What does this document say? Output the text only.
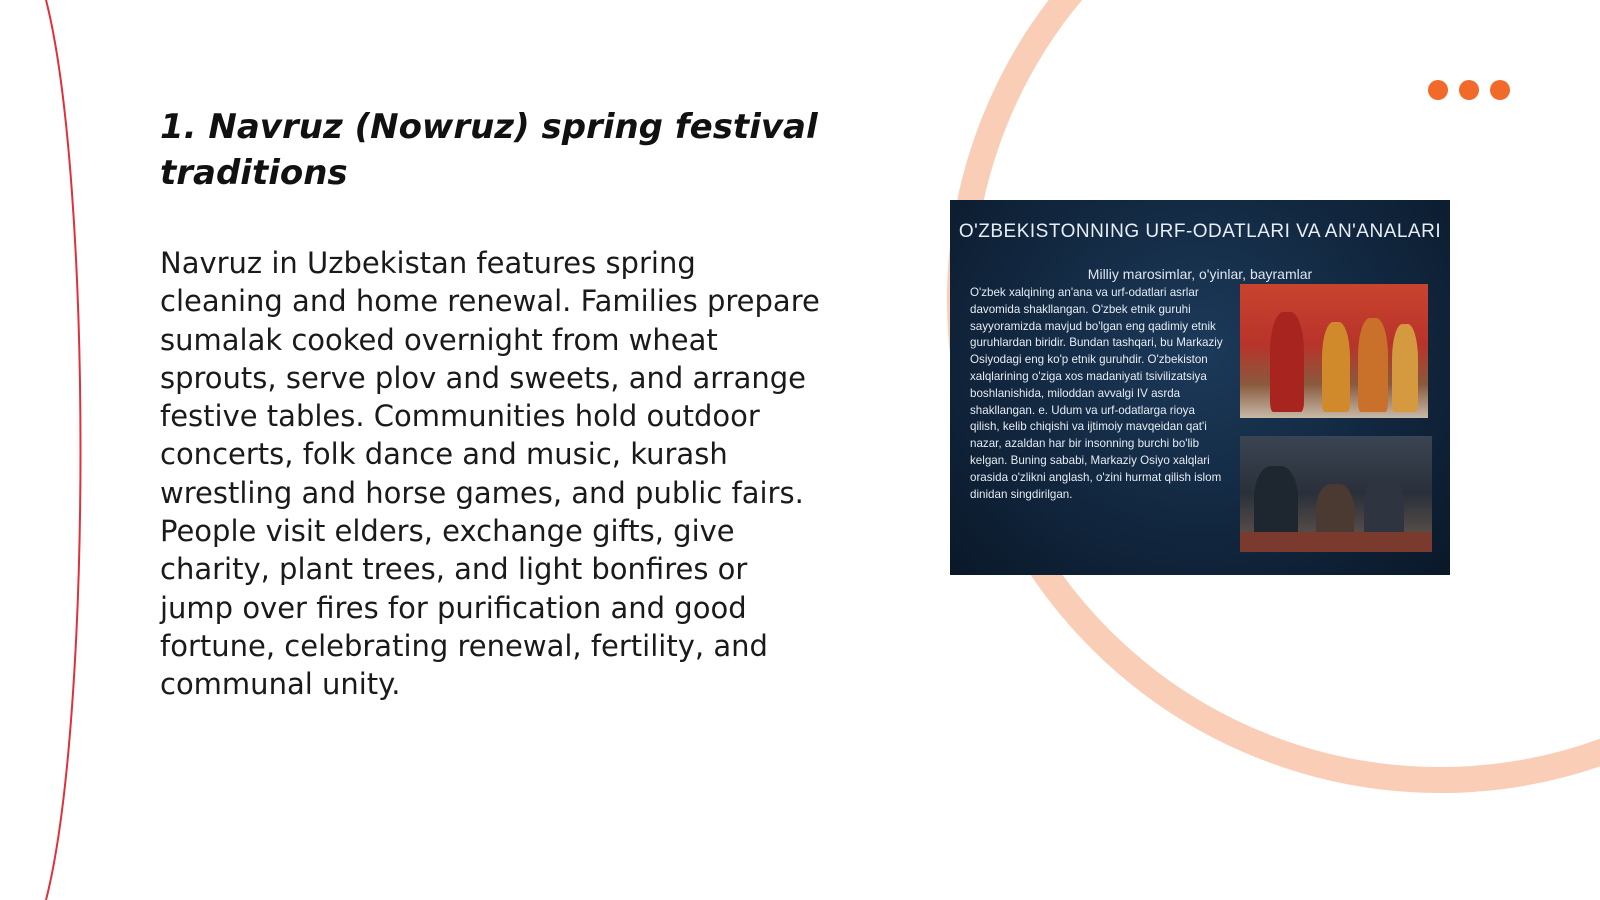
1. Navruz (Nowruz) spring festival traditions

Navruz in Uzbekistan features spring cleaning and home renewal. Families prepare sumalak cooked overnight from wheat sprouts, serve plov and sweets, and arrange festive tables. Communities hold outdoor concerts, folk dance and music, kurash wrestling and horse games, and public fairs. People visit elders, exchange gifts, give charity, plant trees, and light bonfires or jump over fires for purification and good fortune, celebrating renewal, fertility, and communal unity.

O'ZBEKISTONNING URF-ODATLARI VA AN'ANALARI
Milliy marosimlar, o'yinlar, bayramlar
O'zbek xalqining an'ana va urf-odatlari asrlar davomida shakllangan. O'zbek etnik guruhi sayyoramizda mavjud bo'lgan eng qadimiy etnik guruhlardan biridir. Bundan tashqari, bu Markaziy Osiyodagi eng ko'p etnik guruhdir. O'zbekiston xalqlarining o'ziga xos madaniyati tsivilizatsiya boshlanishida, miloddan avvalgi IV asrda shakllangan. e. Udum va urf-odatlarga rioya qilish, kelib chiqishi va ijtimoiy mavqeidan qat'i nazar, azaldan har bir insonning burchi bo'lib kelgan. Buning sababi, Markaziy Osiyo xalqlari orasida o'zlikni anglash, o'zini hurmat qilish islom dinidan singdirilgan.
